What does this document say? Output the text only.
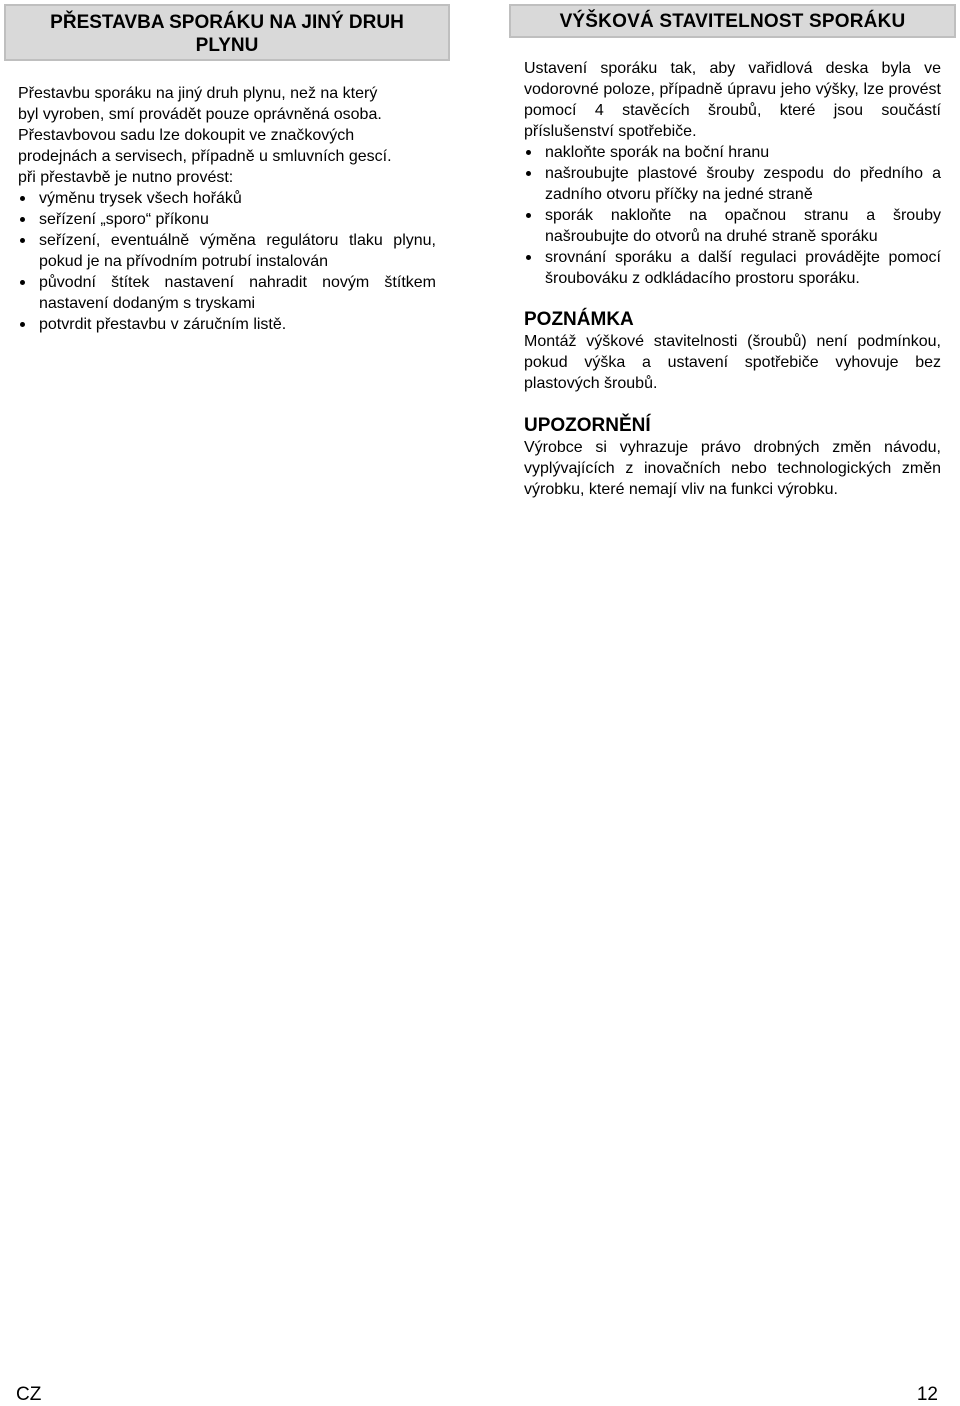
PŘESTAVBA SPORÁKU NA JINÝ DRUH
PLYNU
Přestavbu sporáku na jiný druh plynu, než na který
byl vyroben, smí provádět pouze oprávněná osoba.
Přestavbovou sadu lze dokoupit ve značkových
prodejnách a servisech, případně u smluvních gescí.
při přestavbě je nutno provést:
výměnu trysek všech hořáků
seřízení „sporo“ příkonu
seřízení, eventuálně výměna regulátoru tlaku plynu, pokud je na přívodním potrubí instalován
původní štítek nastavení nahradit novým štítkem nastavení dodaným s tryskami
potvrdit přestavbu v záručním listě.
VÝŠKOVÁ STAVITELNOST SPORÁKU
Ustavení sporáku tak, aby vařidlová deska byla ve vodorovné poloze, případně úpravu jeho výšky, lze provést pomocí 4 stavěcích šroubů, které jsou součástí příslušenství spotřebiče.
nakloňte sporák na boční hranu
našroubujte plastové šrouby zespodu do předního a zadního otvoru příčky na jedné straně
sporák nakloňte na opačnou stranu a šrouby našroubujte do otvorů na druhé straně sporáku
srovnání sporáku a další regulaci provádějte pomocí šroubováku z odkládacího prostoru sporáku.
POZNÁMKA
Montáž výškové stavitelnosti (šroubů) není podmínkou, pokud výška a ustavení spotřebiče vyhovuje bez plastových šroubů.
UPOZORNĚNÍ
Výrobce si vyhrazuje právo drobných změn návodu, vyplývajících z inovačních nebo technologických změn výrobku, které nemají vliv na funkci výrobku.
CZ	12
